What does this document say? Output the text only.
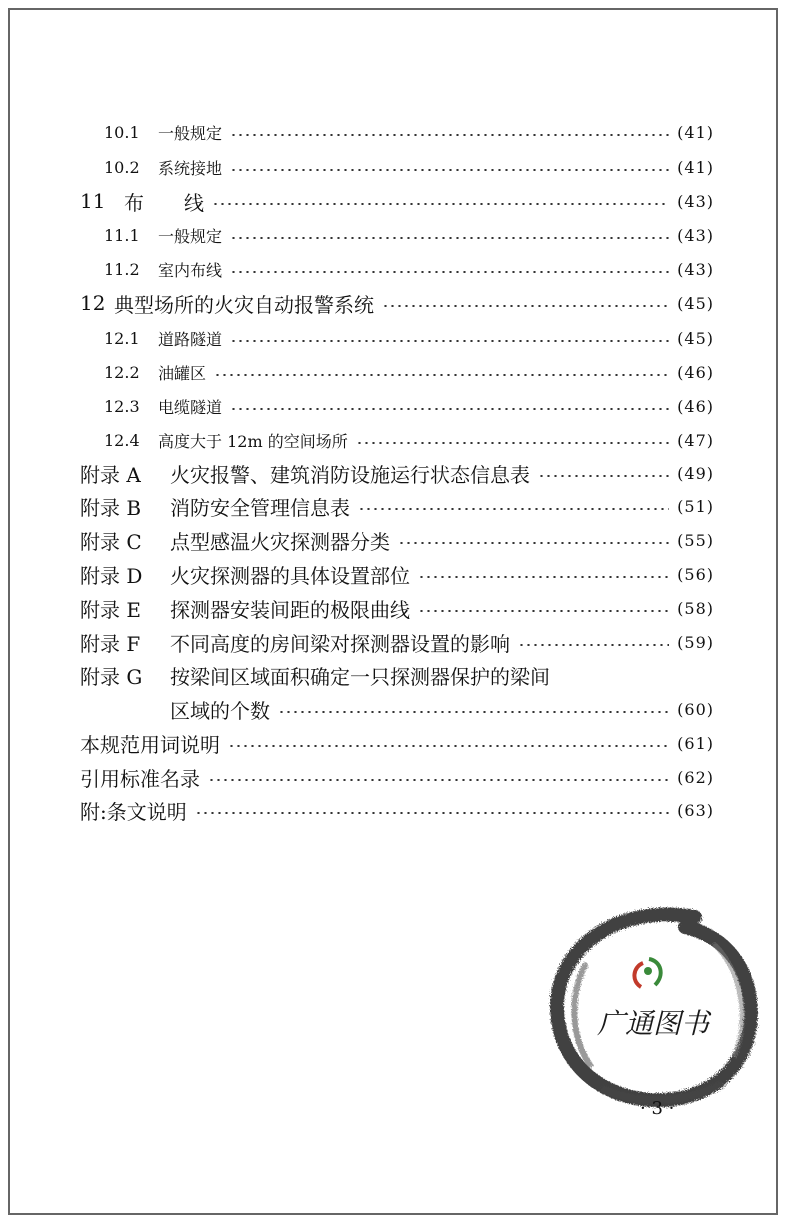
10.1	一般规定	(41)
10.2	系统接地	(41)
11 布　　线	(43)
11.1	一般规定	(43)
11.2	室内布线	(43)
12 典型场所的火灾自动报警系统	(45)
12.1	道路隧道	(45)
12.2	油罐区	(46)
12.3	电缆隧道	(46)
12.4	高度大于 12m 的空间场所	(47)
附录 A	火灾报警、建筑消防设施运行状态信息表	(49)
附录 B	消防安全管理信息表	(51)
附录 C	点型感温火灾探测器分类	(55)
附录 D	火灾探测器的具体设置部位	(56)
附录 E	探测器安装间距的极限曲线	(58)
附录 F	不同高度的房间梁对探测器设置的影响	(59)
附录 G	按梁间区域面积确定一只探测器保护的梁间
区域的个数	(60)
本规范用词说明	(61)
引用标准名录	(62)
附:条文说明	(63)
广通图书
· 3 ·
